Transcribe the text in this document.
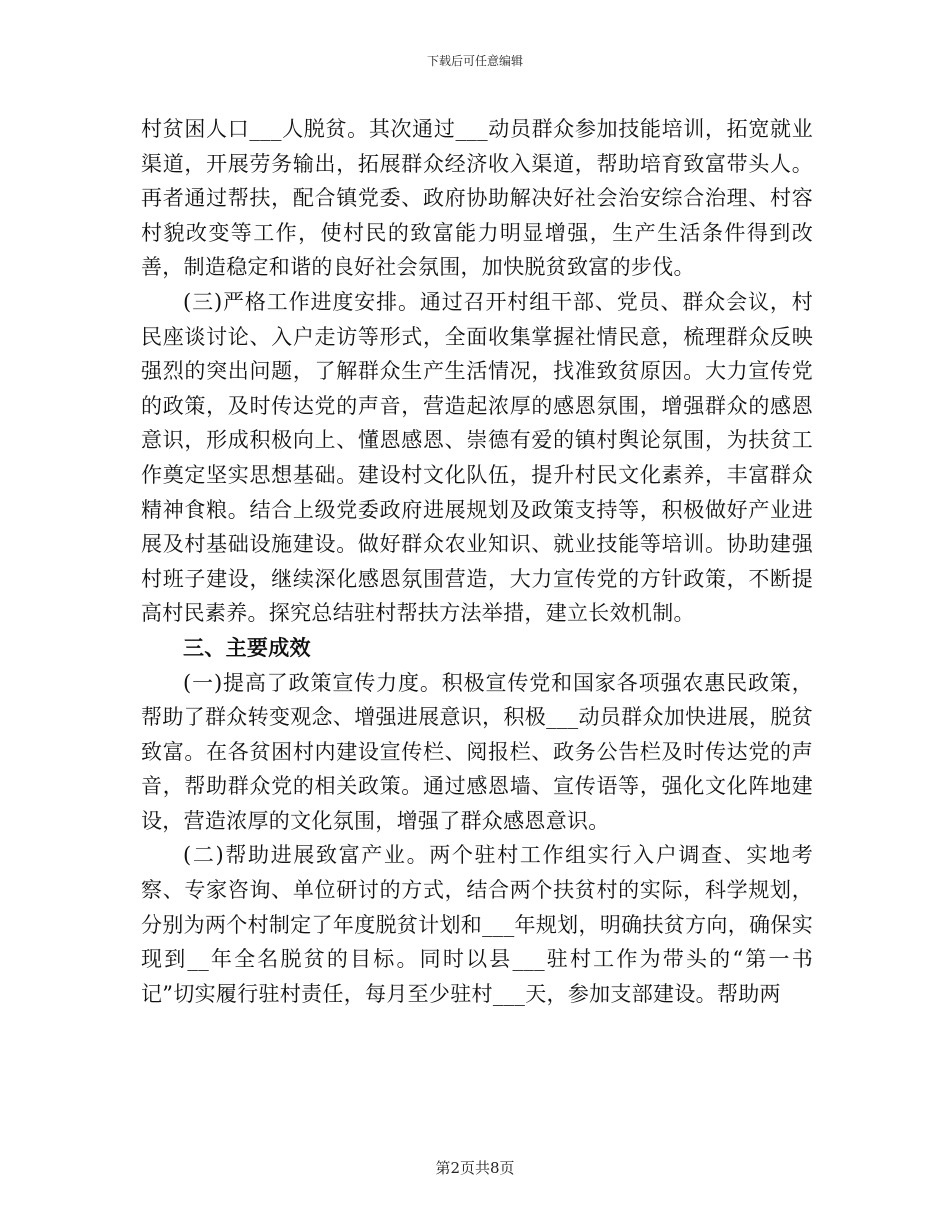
下载后可任意编辑

村贫困人口___人脱贫。其次通过___动员群众参加技能培训，拓宽就业渠道，开展劳务输出，拓展群众经济收入渠道，帮助培育致富带头人。再者通过帮扶，配合镇党委、政府协助解决好社会治安综合治理、村容村貌改变等工作，使村民的致富能力明显增强，生产生活条件得到改善，制造稳定和谐的良好社会氛围，加快脱贫致富的步伐。

(三)严格工作进度安排。通过召开村组干部、党员、群众会议，村民座谈讨论、入户走访等形式，全面收集掌握社情民意，梳理群众反映强烈的突出问题，了解群众生产生活情况，找准致贫原因。大力宣传党的政策，及时传达党的声音，营造起浓厚的感恩氛围，增强群众的感恩意识，形成积极向上、懂恩感恩、崇德有爱的镇村舆论氛围，为扶贫工作奠定坚实思想基础。建设村文化队伍，提升村民文化素养，丰富群众精神食粮。结合上级党委政府进展规划及政策支持等，积极做好产业进展及村基础设施建设。做好群众农业知识、就业技能等培训。协助建强村班子建设，继续深化感恩氛围营造，大力宣传党的方针政策，不断提高村民素养。探究总结驻村帮扶方法举措，建立长效机制。

三、主要成效

(一)提高了政策宣传力度。积极宣传党和国家各项强农惠民政策，帮助了群众转变观念、增强进展意识，积极___动员群众加快进展，脱贫致富。在各贫困村内建设宣传栏、阅报栏、政务公告栏及时传达党的声音，帮助群众党的相关政策。通过感恩墙、宣传语等，强化文化阵地建设，营造浓厚的文化氛围，增强了群众感恩意识。

(二)帮助进展致富产业。两个驻村工作组实行入户调查、实地考察、专家咨询、单位研讨的方式，结合两个扶贫村的实际，科学规划，分别为两个村制定了年度脱贫计划和___年规划，明确扶贫方向，确保实现到__年全名脱贫的目标。同时以县___驻村工作为带头的“第一书记”切实履行驻村责任，每月至少驻村___天，参加支部建设。帮助两

第2页共8页
